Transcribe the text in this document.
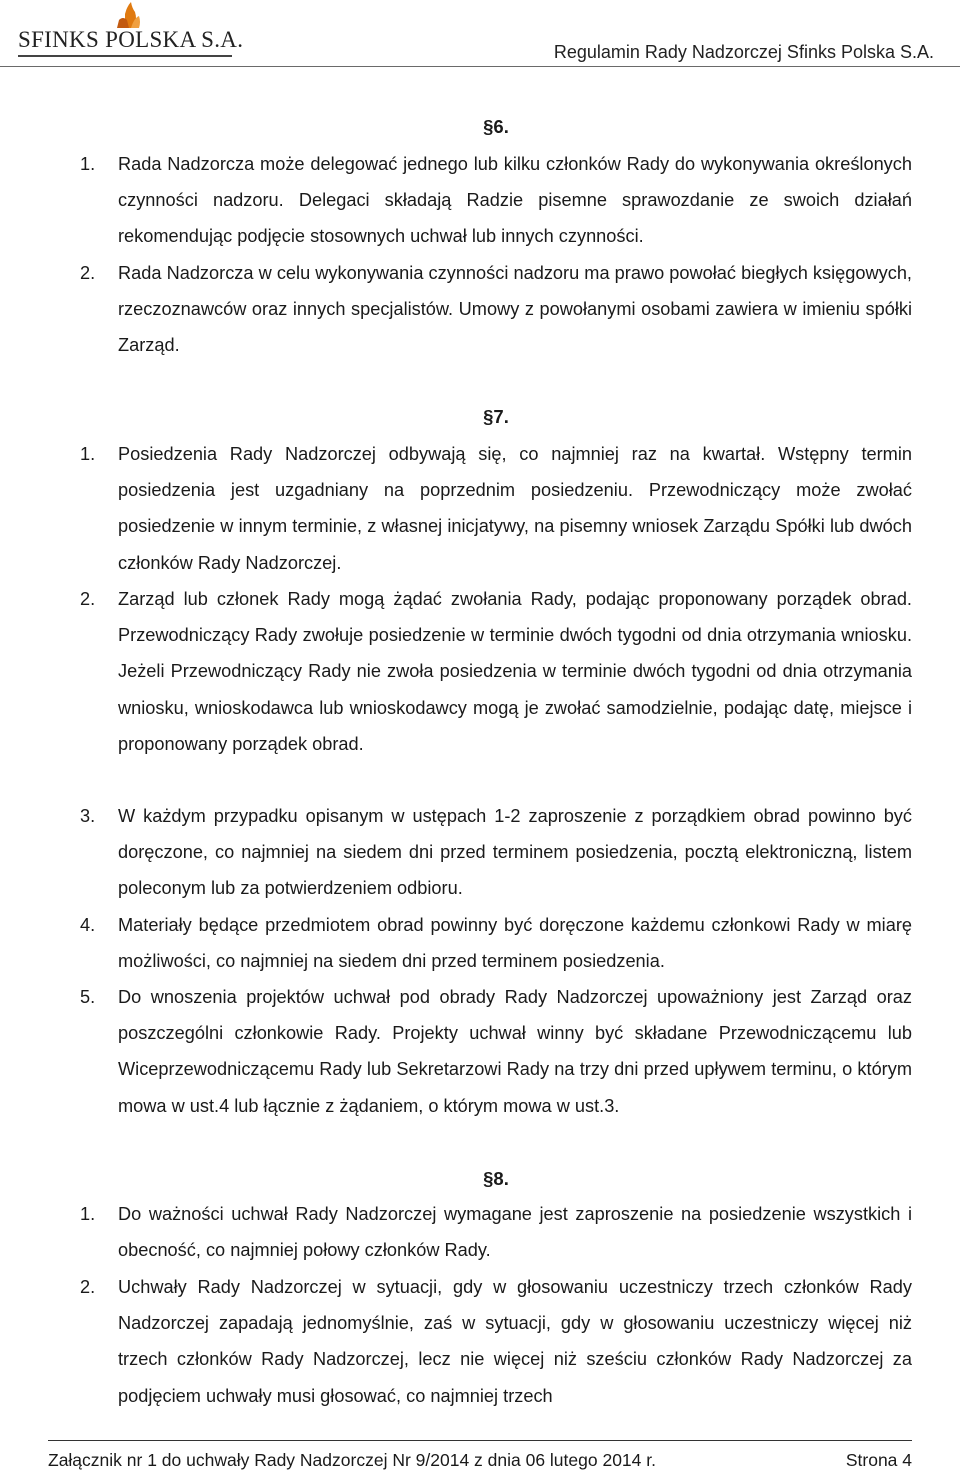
SFINKS POLSKA S.A.	Regulamin Rady Nadzorczej Sfinks Polska S.A.
§6.
1. Rada Nadzorcza może delegować jednego lub kilku członków Rady do wykonywania określonych czynności nadzoru. Delegaci składają Radzie pisemne sprawozdanie ze swoich działań rekomendując podjęcie stosownych uchwał lub innych czynności.
2. Rada Nadzorcza w celu wykonywania czynności nadzoru ma prawo powołać biegłych księgowych, rzeczoznawców oraz innych specjalistów. Umowy z powołanymi osobami zawiera w imieniu spółki Zarząd.
§7.
1. Posiedzenia Rady Nadzorczej odbywają się, co najmniej raz na kwartał. Wstępny termin posiedzenia jest uzgadniany na poprzednim posiedzeniu. Przewodniczący może zwołać posiedzenie w innym terminie, z własnej inicjatywy, na pisemny wniosek Zarządu Spółki lub dwóch członków Rady Nadzorczej.
2. Zarząd lub członek Rady mogą żądać zwołania Rady, podając proponowany porządek obrad. Przewodniczący Rady zwołuje posiedzenie w terminie dwóch tygodni od dnia otrzymania wniosku. Jeżeli Przewodniczący Rady nie zwoła posiedzenia w terminie dwóch tygodni od dnia otrzymania wniosku, wnioskodawca lub wnioskodawcy mogą je zwołać samodzielnie, podając datę, miejsce i proponowany porządek obrad.
3. W każdym przypadku opisanym w ustępach 1-2 zaproszenie z porządkiem obrad powinno być doręczone, co najmniej na siedem dni przed terminem posiedzenia, pocztą elektroniczną, listem poleconym lub za potwierdzeniem odbioru.
4. Materiały będące przedmiotem obrad powinny być doręczone każdemu członkowi Rady w miarę możliwości, co najmniej na siedem dni przed terminem posiedzenia.
5. Do wnoszenia projektów uchwał pod obrady Rady Nadzorczej upoważniony jest Zarząd oraz poszczególni członkowie Rady. Projekty uchwał winny być składane Przewodniczącemu lub Wiceprzewodniczącemu Rady lub Sekretarzowi Rady na trzy dni przed upływem terminu, o którym mowa w ust.4 lub łącznie z żądaniem, o którym mowa w ust.3.
§8.
1. Do ważności uchwał Rady Nadzorczej wymagane jest zaproszenie na posiedzenie wszystkich i obecność, co najmniej połowy członków Rady.
2. Uchwały Rady Nadzorczej w sytuacji, gdy w głosowaniu uczestniczy trzech członków Rady Nadzorczej zapadają jednomyślnie, zaś w sytuacji, gdy w głosowaniu uczestniczy więcej niż trzech członków Rady Nadzorczej, lecz nie więcej niż sześciu członków Rady Nadzorczej za podjęciem uchwały musi głosować, co najmniej trzech
Załącznik nr 1 do uchwały Rady Nadzorczej Nr 9/2014 z dnia 06 lutego 2014 r.	Strona 4
